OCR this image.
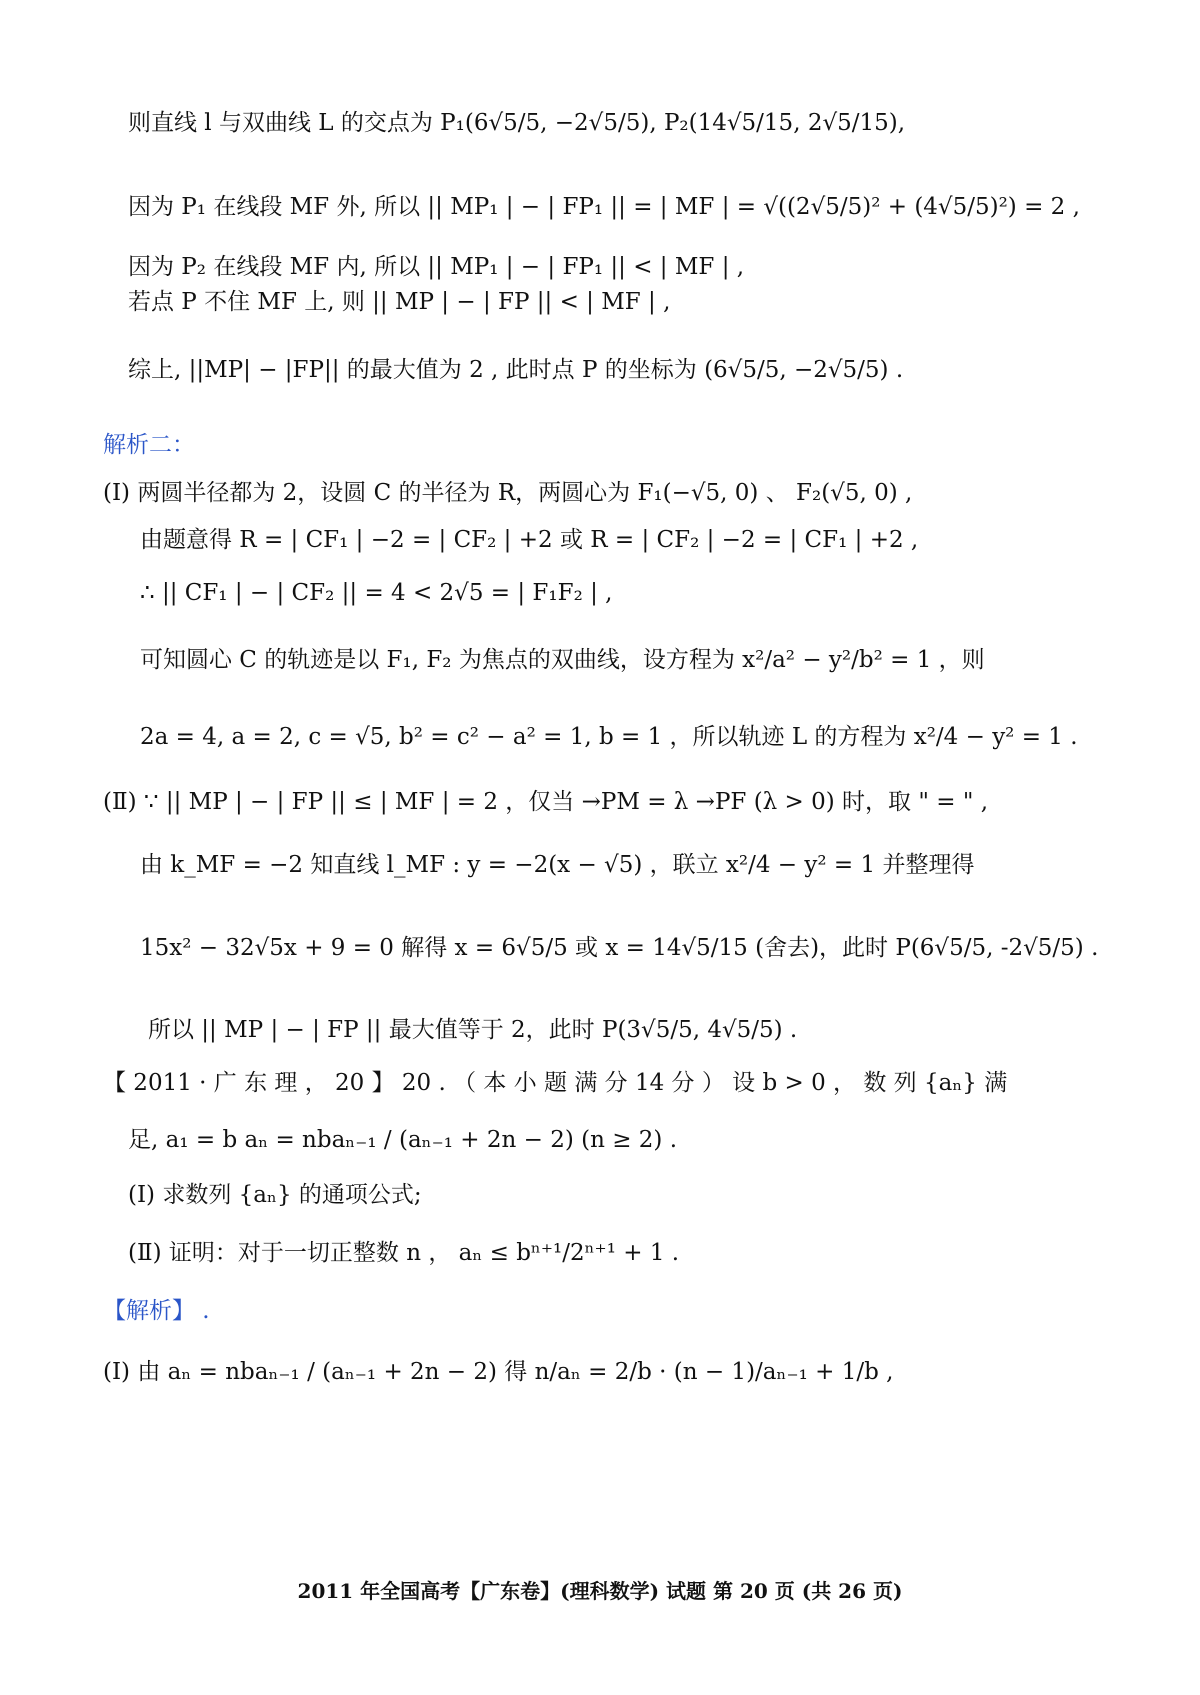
则直线 l 与双曲线 L 的交点为 P₁(6√5/5, −2√5/5), P₂(14√5/15, 2√5/15),
因为 P₁ 在线段 MF 外, 所以 || MP₁ | − | FP₁ || = | MF | = √((2√5/5)² + (4√5/5)²) = 2 ,
因为 P₂ 在线段 MF 内, 所以 || MP₁ | − | FP₁ || < | MF | ,
若点 P 不住 MF 上, 则 || MP | − | FP || < | MF | ,
综上, ||MP| − |FP|| 的最大值为 2 , 此时点 P 的坐标为 (6√5/5, −2√5/5) .
解析二：
(Ⅰ) 两圆半径都为 2，设圆 C 的半径为 R，两圆心为 F₁(−√5, 0) 、 F₂(√5, 0) ,
由题意得 R = | CF₁ | −2 = | CF₂ | +2 或 R = | CF₂ | −2 = | CF₁ | +2 ,
∴ || CF₁ | − | CF₂ || = 4 < 2√5 = | F₁F₂ | ,
可知圆心 C 的轨迹是以 F₁, F₂ 为焦点的双曲线，设方程为 x²/a² − y²/b² = 1 ，则
2a = 4, a = 2, c = √5, b² = c² − a² = 1, b = 1 ，所以轨迹 L 的方程为 x²/4 − y² = 1 .
(Ⅱ) ∵ || MP | − | FP || ≤ | MF | = 2 ，仅当 →PM = λ →PF (λ > 0) 时，取 " = " ,
由 k_MF = −2 知直线 l_MF : y = −2(x − √5) ，联立 x²/4 − y² = 1 并整理得
15x² − 32√5x + 9 = 0 解得 x = 6√5/5 或 x = 14√5/15 (舍去)，此时 P(6√5/5, -2√5/5) .
所以 || MP | − | FP || 最大值等于 2，此时 P(3√5/5, 4√5/5) .
【 2011 · 广 东 理 ， 20 】 20 . （ 本 小 题 满 分 14 分 ） 设 b > 0 ， 数 列 {aₙ} 满
足, a₁ = b aₙ = nbaₙ₋₁ / (aₙ₋₁ + 2n − 2) (n ≥ 2) .
(Ⅰ) 求数列 {aₙ} 的通项公式;
(Ⅱ) 证明：对于一切正整数 n ， aₙ ≤ bⁿ⁺¹/2ⁿ⁺¹ + 1 .
【解析】 .
(Ⅰ) 由 aₙ = nbaₙ₋₁ / (aₙ₋₁ + 2n − 2) 得 n/aₙ = 2/b · (n − 1)/aₙ₋₁ + 1/b ,
2011 年全国高考【广东卷】(理科数学) 试题 第 20 页 (共 26 页)
